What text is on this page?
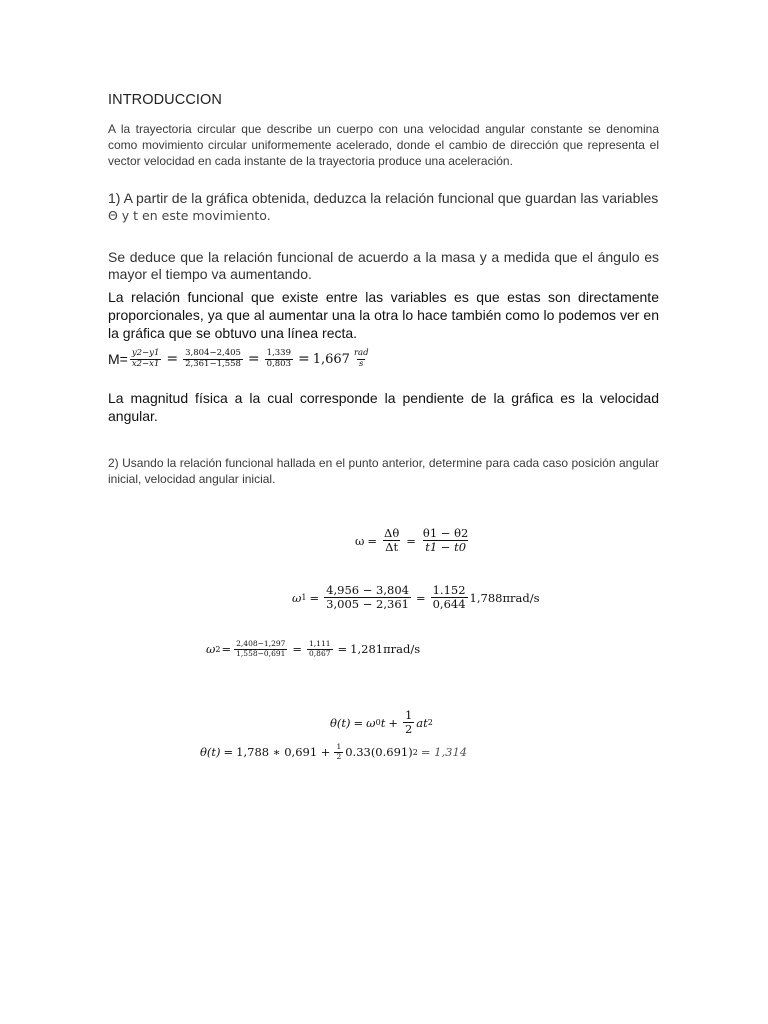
INTRODUCCION
A la trayectoria circular que describe un cuerpo con una velocidad angular constante se denomina como movimiento circular uniformemente acelerado, donde el cambio de dirección que representa el vector velocidad en cada instante de la trayectoria produce una aceleración.
1) A partir de la gráfica obtenida, deduzca la relación funcional que guardan las variables
Θ y t en este movimiento.
Se deduce que la relación funcional de acuerdo a la masa y a medida que el ángulo es mayor el tiempo va aumentando.
La relación funcional que existe entre las variables es que estas son directamente proporcionales, ya que al aumentar una la otra lo hace también como lo podemos ver en la gráfica que se obtuvo una línea recta.
$M= \frac{y2-y1}{x2-x1} = \frac{3,804-2,405}{2,361-1,558} = \frac{1,339}{0,803} = 1,667 \frac{\text{rad}}{s}$
La magnitud física a la cual corresponde la pendiente de la gráfica es la velocidad angular.
2) Usando la relación funcional hallada en el punto anterior, determine para cada caso posición angular inicial, velocidad angular inicial.
$\omega = \frac{\Delta\theta}{\Delta t} = \frac{\theta 1 - \theta 2}{t1 - t0}$
ω $1 = \frac{4,956 - 3,804}{3,005 - 2,361} = \frac{1.152}{0,644} 1,788\pi rad/s$
ω $2 = \frac{2,408-1,297}{1,558-0,691} = \frac{1,111}{0,867} = 1,281\pi rad/s$
θ(t) = ω 0 $t + \frac{1}{2}$ at 2
θ(t) = 1,788 ∗ $0,691 + \frac{1}{2} 0.33(0.691) 2 = 1,314$
